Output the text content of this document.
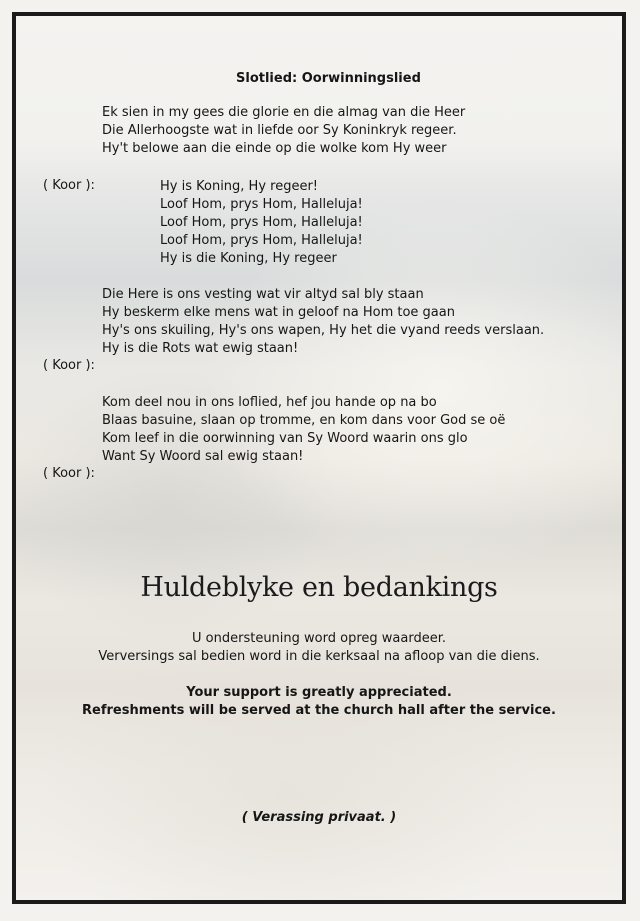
Slotlied: Oorwinningslied
Ek sien in my gees die glorie en die almag van die Heer
Die Allerhoogste wat in liefde oor Sy Koninkryk regeer.
Hy't belowe aan die einde op die wolke kom Hy weer
( Koor ):	Hy is Koning, Hy regeer!
Loof Hom, prys Hom, Halleluja!
Loof Hom, prys Hom, Halleluja!
Loof Hom, prys Hom, Halleluja!
Hy is die Koning, Hy regeer
Die Here is ons vesting wat vir altyd sal bly staan
Hy beskerm elke mens wat in geloof na Hom toe gaan
Hy's ons skuiling, Hy's ons wapen, Hy het die vyand reeds verslaan.
Hy is die Rots wat ewig staan!
( Koor ):
Kom deel nou in ons loflied, hef jou hande op na bo
Blaas basuine, slaan op tromme, en kom dans voor God se oë
Kom leef in die oorwinning van Sy Woord waarin ons glo
Want Sy Woord sal ewig staan!
( Koor ):
Huldeblyke en bedankings
U ondersteuning word opreg waardeer.
Verversings sal bedien word in die kerksaal na afloop van die diens.
Your support is greatly appreciated.
Refreshments will be served at the church hall after the service.
( Verassing privaat. )
